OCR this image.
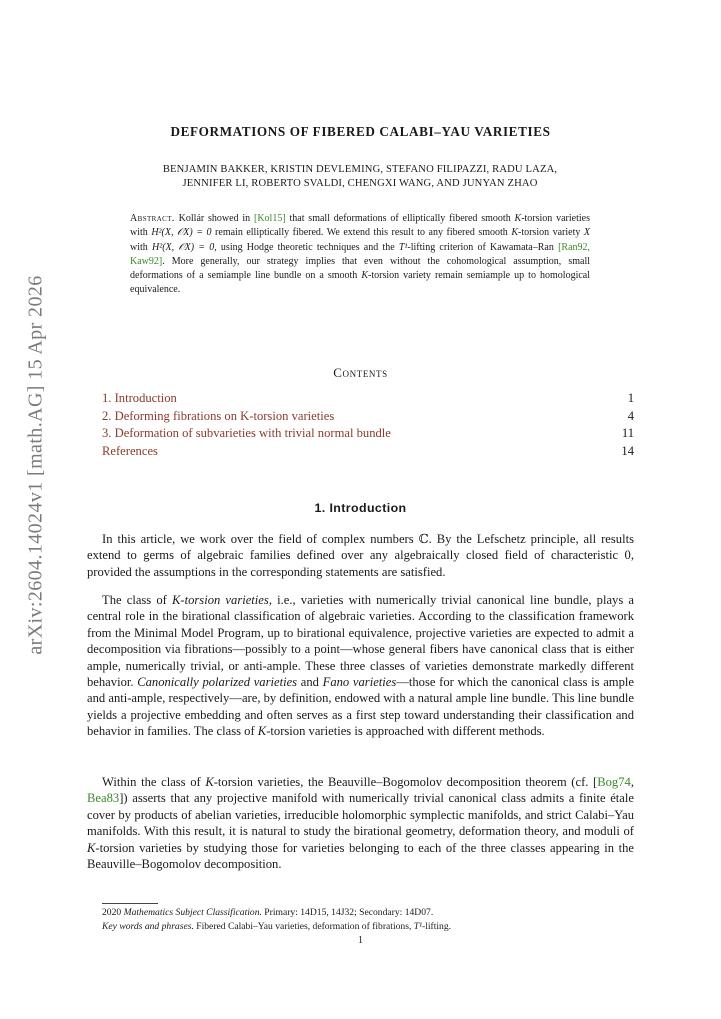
arXiv:2604.14024v1 [math.AG] 15 Apr 2026
DEFORMATIONS OF FIBERED CALABI–YAU VARIETIES
BENJAMIN BAKKER, KRISTIN DEVLEMING, STEFANO FILIPAZZI, RADU LAZA,
JENNIFER LI, ROBERTO SVALDI, CHENGXI WANG, AND JUNYAN ZHAO
Abstract. Kollár showed in [Kol15] that small deformations of elliptically fibered smooth K-torsion varieties with H²(X, 𝒪X) = 0 remain elliptically fibered. We extend this result to any fibered smooth K-torsion variety X with H²(X, 𝒪X) = 0, using Hodge theoretic techniques and the T¹-lifting criterion of Kawamata–Ran [Ran92, Kaw92]. More generally, our strategy implies that even without the cohomological assumption, small deformations of a semiample line bundle on a smooth K-torsion variety remain semiample up to homological equivalence.
Contents
1. Introduction	1
2. Deforming fibrations on K-torsion varieties	4
3. Deformation of subvarieties with trivial normal bundle	11
References	14
1. Introduction

In this article, we work over the field of complex numbers ℂ. By the Lefschetz principle, all results extend to germs of algebraic families defined over any algebraically closed field of characteristic 0, provided the assumptions in the corresponding statements are satisfied.

The class of K-torsion varieties, i.e., varieties with numerically trivial canonical line bundle, plays a central role in the birational classification of algebraic varieties. According to the classification framework from the Minimal Model Program, up to birational equivalence, projective varieties are expected to admit a decomposition via fibrations—possibly to a point—whose general fibers have canonical class that is either ample, numerically trivial, or anti-ample. These three classes of varieties demonstrate markedly different behavior. Canonically polarized varieties and Fano varieties—those for which the canonical class is ample and anti-ample, respectively—are, by definition, endowed with a natural ample line bundle. This line bundle yields a projective embedding and often serves as a first step toward understanding their classification and behavior in families. The class of K-torsion varieties is approached with different methods.

Within the class of K-torsion varieties, the Beauville–Bogomolov decomposition theorem (cf. [Bog74, Bea83]) asserts that any projective manifold with numerically trivial canonical class admits a finite étale cover by products of abelian varieties, irreducible holomorphic symplectic manifolds, and strict Calabi–Yau manifolds. With this result, it is natural to study the birational geometry, deformation theory, and moduli of K-torsion varieties by studying those for varieties belonging to each of the three classes appearing in the Beauville–Bogomolov decomposition.

2020 Mathematics Subject Classification. Primary: 14D15, 14J32; Secondary: 14D07.
Key words and phrases. Fibered Calabi–Yau varieties, deformation of fibrations, T¹-lifting.
1
